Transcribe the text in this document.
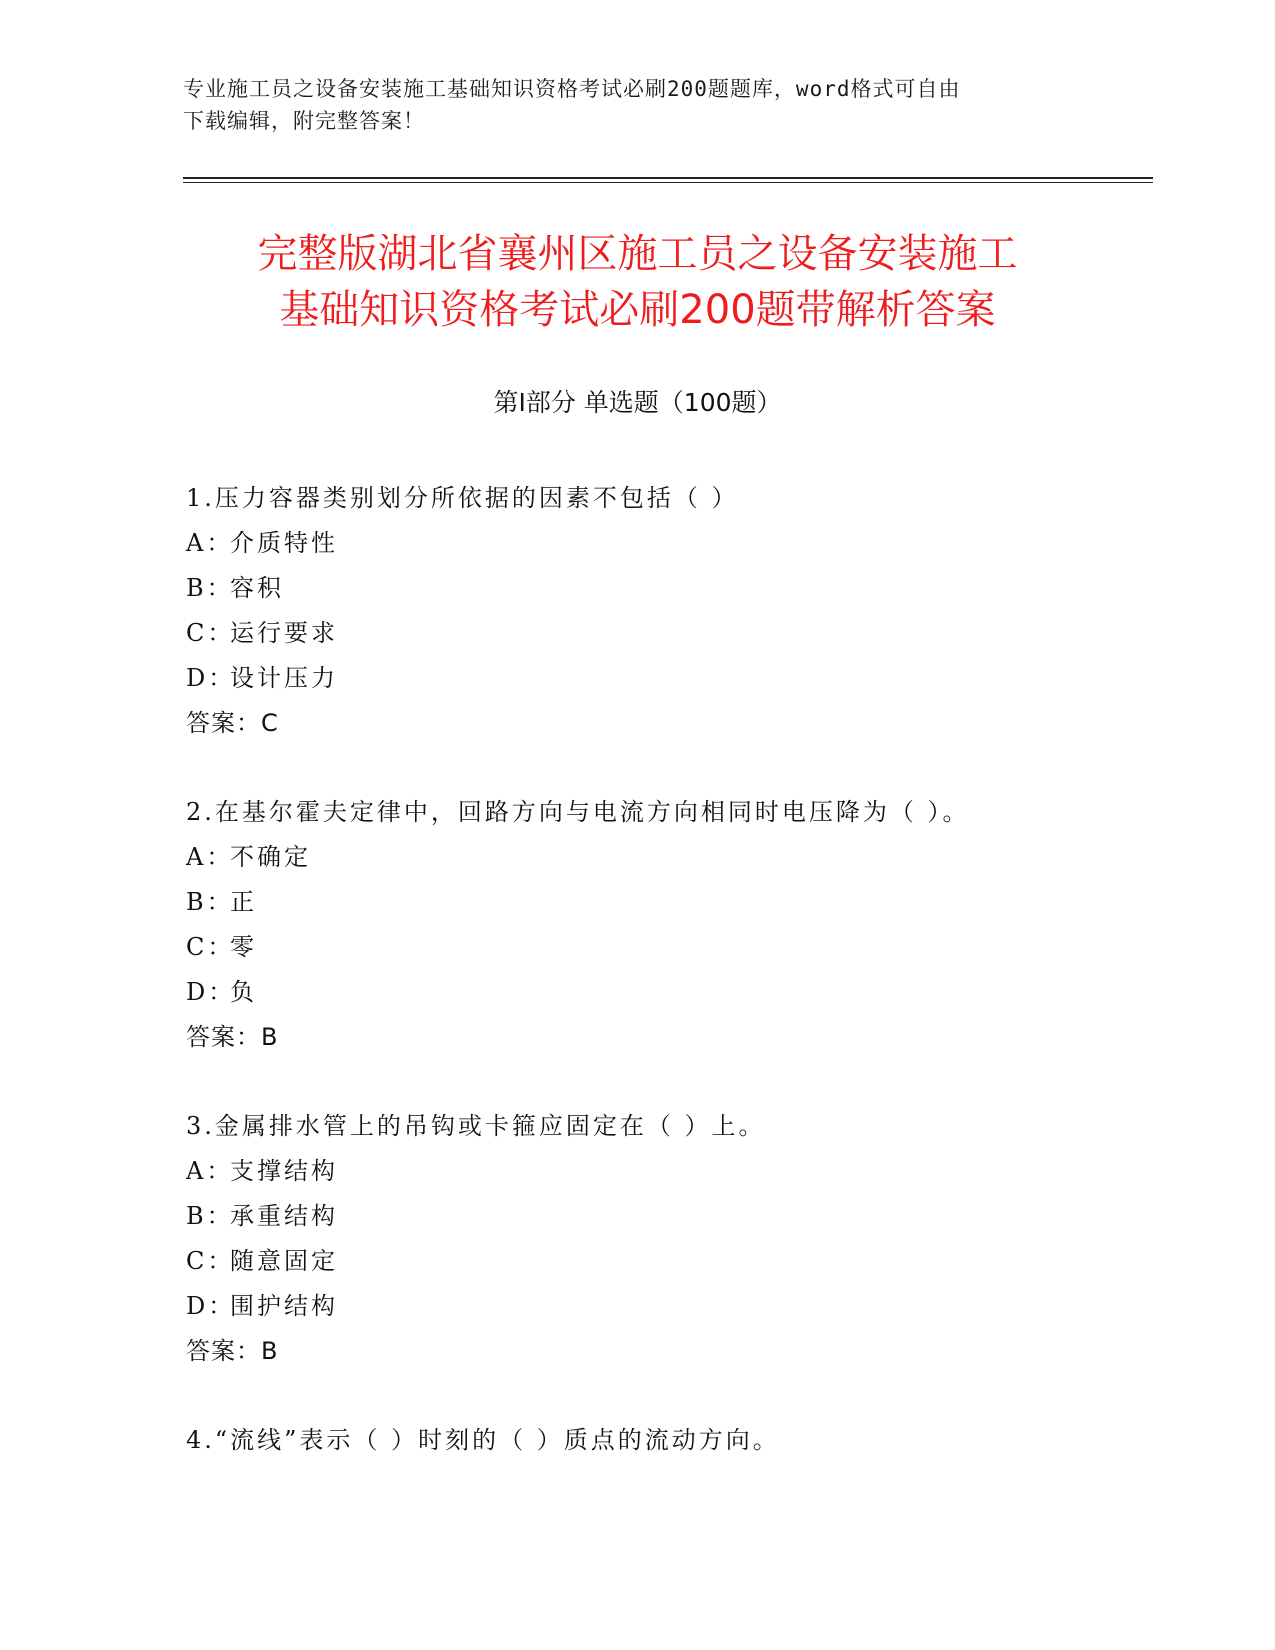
专业施工员之设备安装施工基础知识资格考试必刷200题题库，word格式可自由
下载编辑，附完整答案！
完整版湖北省襄州区施工员之设备安装施工
基础知识资格考试必刷200题带解析答案
第Ⅰ部分 单选题（100题）
1.压力容器类别划分所依据的因素不包括（ ）
A：介质特性
B：容积
C：运行要求
D：设计压力
答案：C
2.在基尔霍夫定律中，回路方向与电流方向相同时电压降为（ ）。
A：不确定
B：正
C：零
D：负
答案：B
3.金属排水管上的吊钩或卡箍应固定在（ ）上。
A：支撑结构
B：承重结构
C：随意固定
D：围护结构
答案：B
4.“流线”表示（ ）时刻的（ ）质点的流动方向。
